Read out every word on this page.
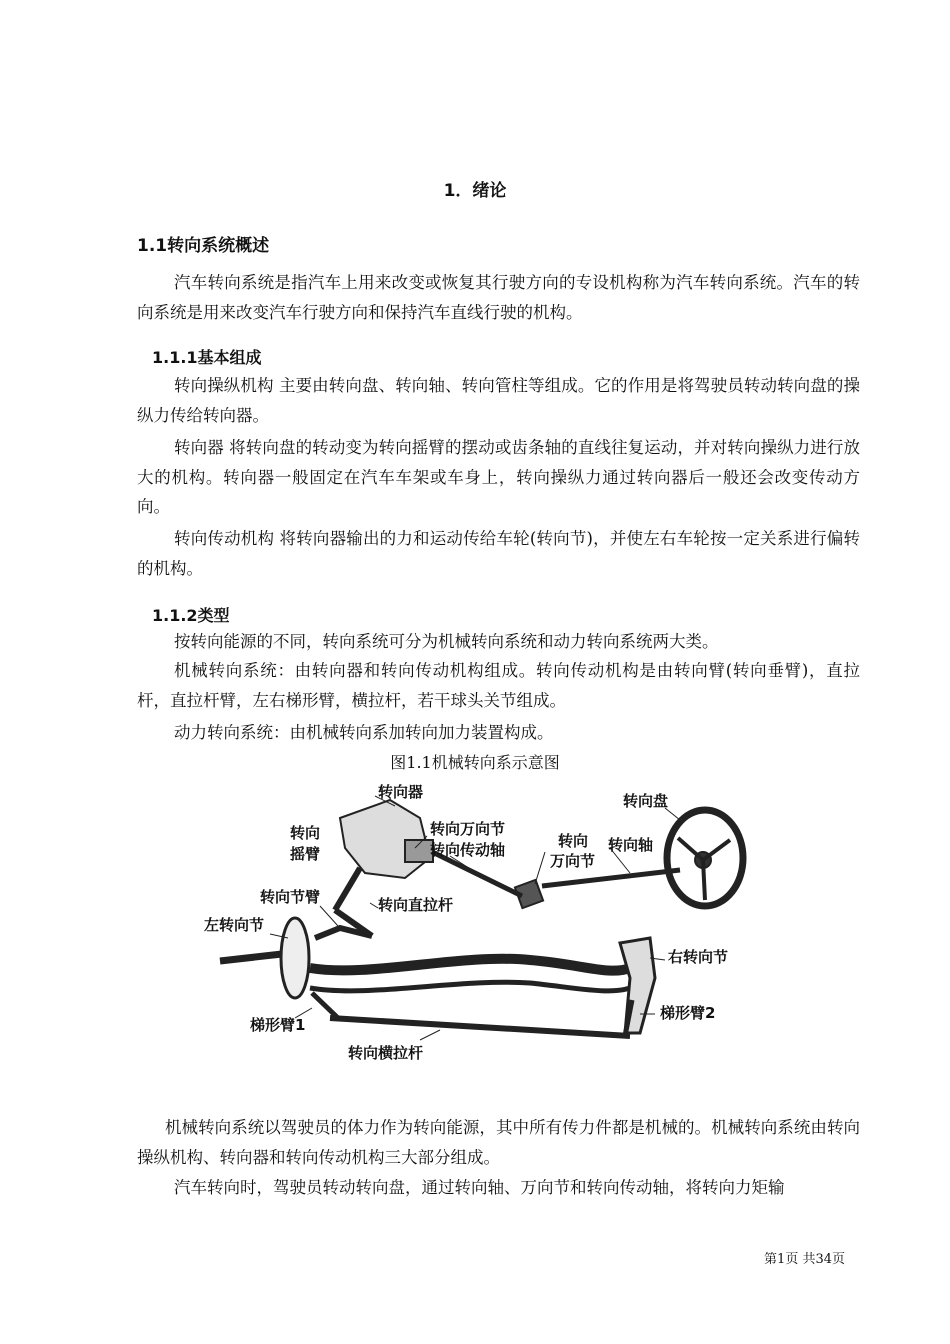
1．绪论
1.1转向系统概述

汽车转向系统是指汽车上用来改变或恢复其行驶方向的专设机构称为汽车转向系统。汽车的转向系统是用来改变汽车行驶方向和保持汽车直线行驶的机构。

1.1.1基本组成

转向操纵机构 主要由转向盘、转向轴、转向管柱等组成。它的作用是将驾驶员转动转向盘的操纵力传给转向器。

转向器 将转向盘的转动变为转向摇臂的摆动或齿条轴的直线往复运动，并对转向操纵力进行放大的机构。转向器一般固定在汽车车架或车身上，转向操纵力通过转向器后一般还会改变传动方向。

转向传动机构 将转向器输出的力和运动传给车轮(转向节)，并使左右车轮按一定关系进行偏转的机构。

1.1.2类型

按转向能源的不同，转向系统可分为机械转向系统和动力转向系统两大类。

机械转向系统：由转向器和转向传动机构组成。转向传动机构是由转向臂(转向垂臂)，直拉杆，直拉杆臂，左右梯形臂，横拉杆，若干球头关节组成。

动力转向系统：由机械转向系加转向加力装置构成。

图1.1机械转向系示意图
转向器
转向
摇臂
转向万向节
转向传动轴	转向
万向节
转向轴
转向盘
转向节臂	转向直拉杆
左转向节
右转向节
梯形臂1
梯形臂2
转向横拉杆

机械转向系统以驾驶员的体力作为转向能源，其中所有传力件都是机械的。机械转向系统由转向操纵机构、转向器和转向传动机构三大部分组成。

汽车转向时，驾驶员转动转向盘，通过转向轴、万向节和转向传动轴，将转向力矩输

第1页 共34页
